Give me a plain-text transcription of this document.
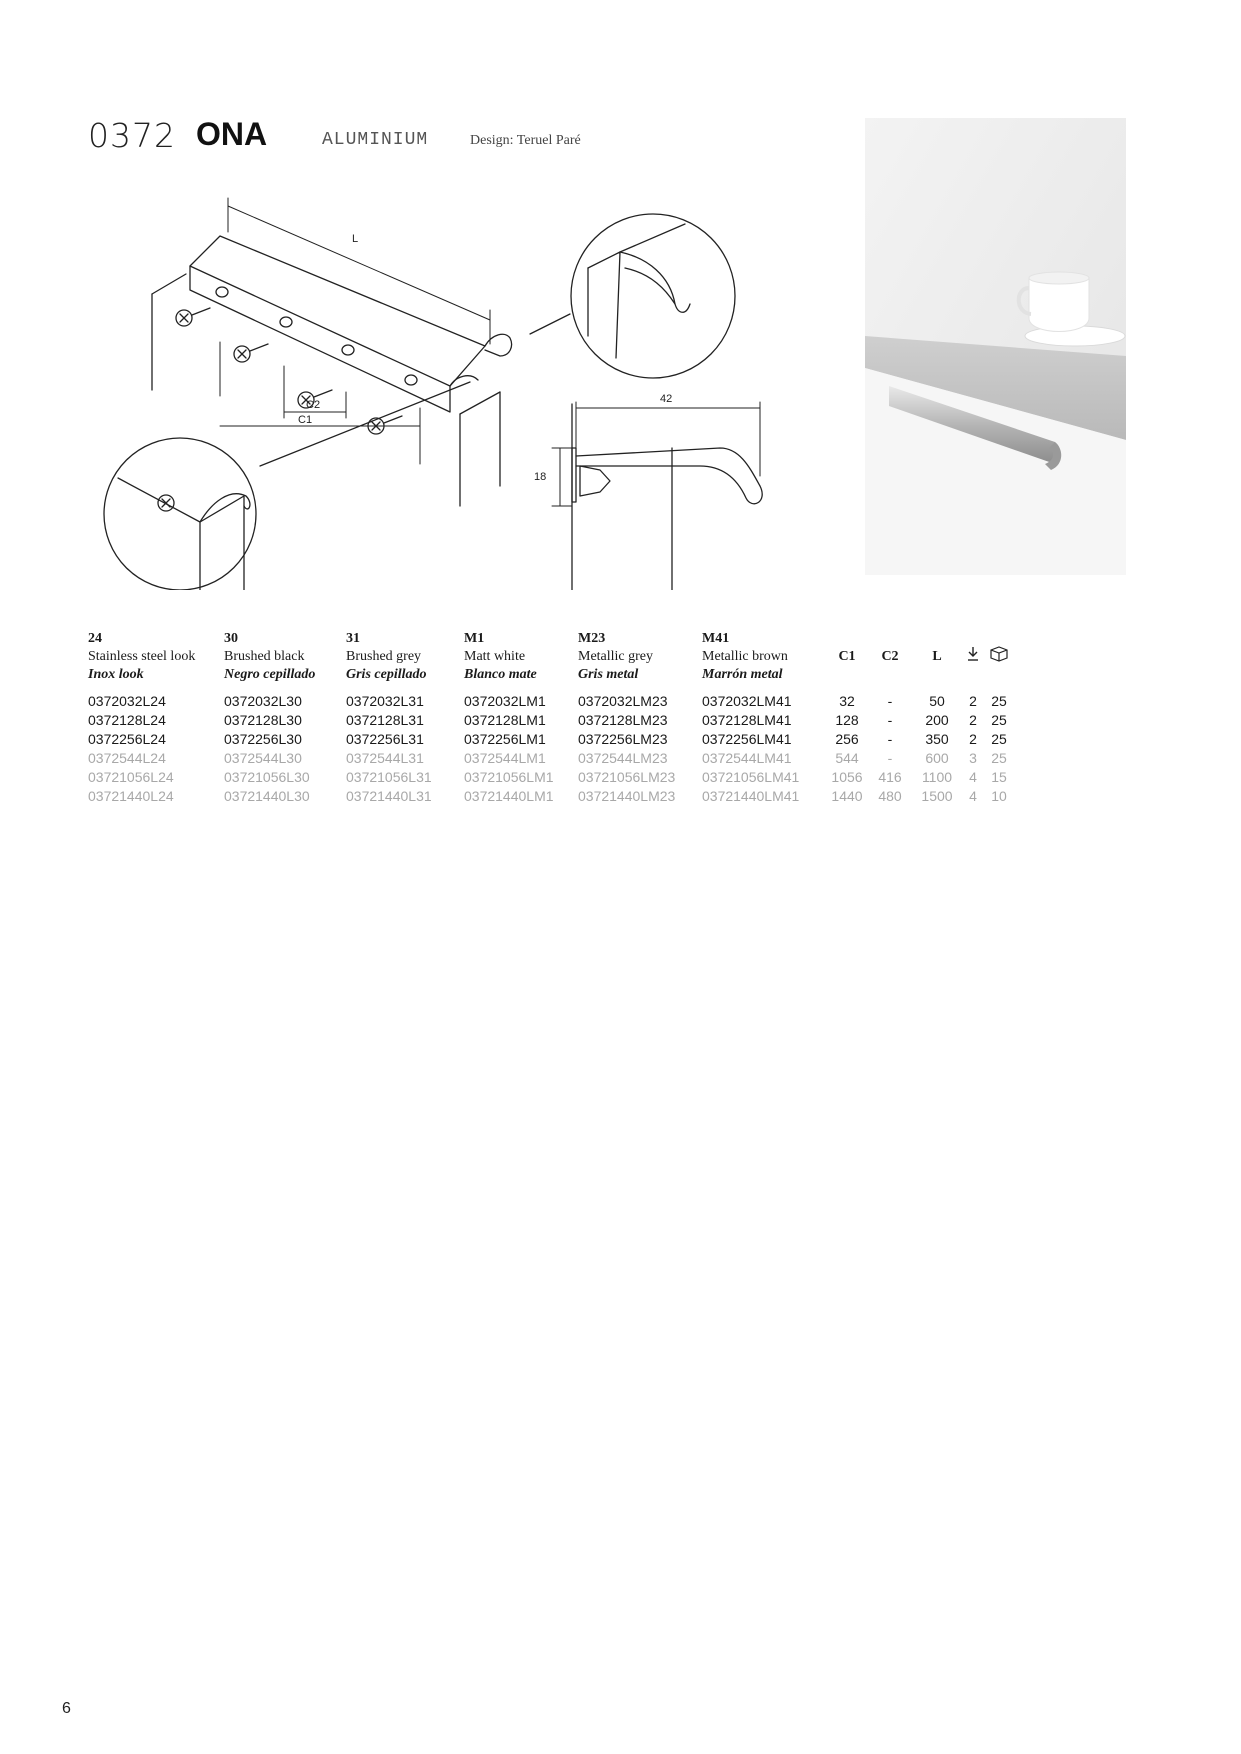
0372 ONA	ALUMINIUM	Design: Teruel Paré
L
C2
C1
42
18
24
Stainless steel look
Inox look	30
Brushed black
Negro cepillado	31
Brushed grey
Gris cepillado	M1
Matt white
Blanco mate	M23
Metallic grey
Gris metal	M41
Metallic brown
Marrón metal	C1	C2	L		
0372032L24	0372032L30	0372032L31	0372032LM1	0372032LM23	0372032LM41	32	-	50	2	25
0372128L24	0372128L30	0372128L31	0372128LM1	0372128LM23	0372128LM41	128	-	200	2	25
0372256L24	0372256L30	0372256L31	0372256LM1	0372256LM23	0372256LM41	256	-	350	2	25
0372544L24	0372544L30	0372544L31	0372544LM1	0372544LM23	0372544LM41	544	-	600	3	25
03721056L24	03721056L30	03721056L31	03721056LM1	03721056LM23	03721056LM41	1056	416	1100	4	15
03721440L24	03721440L30	03721440L31	03721440LM1	03721440LM23	03721440LM41	1440	480	1500	4	10
6
